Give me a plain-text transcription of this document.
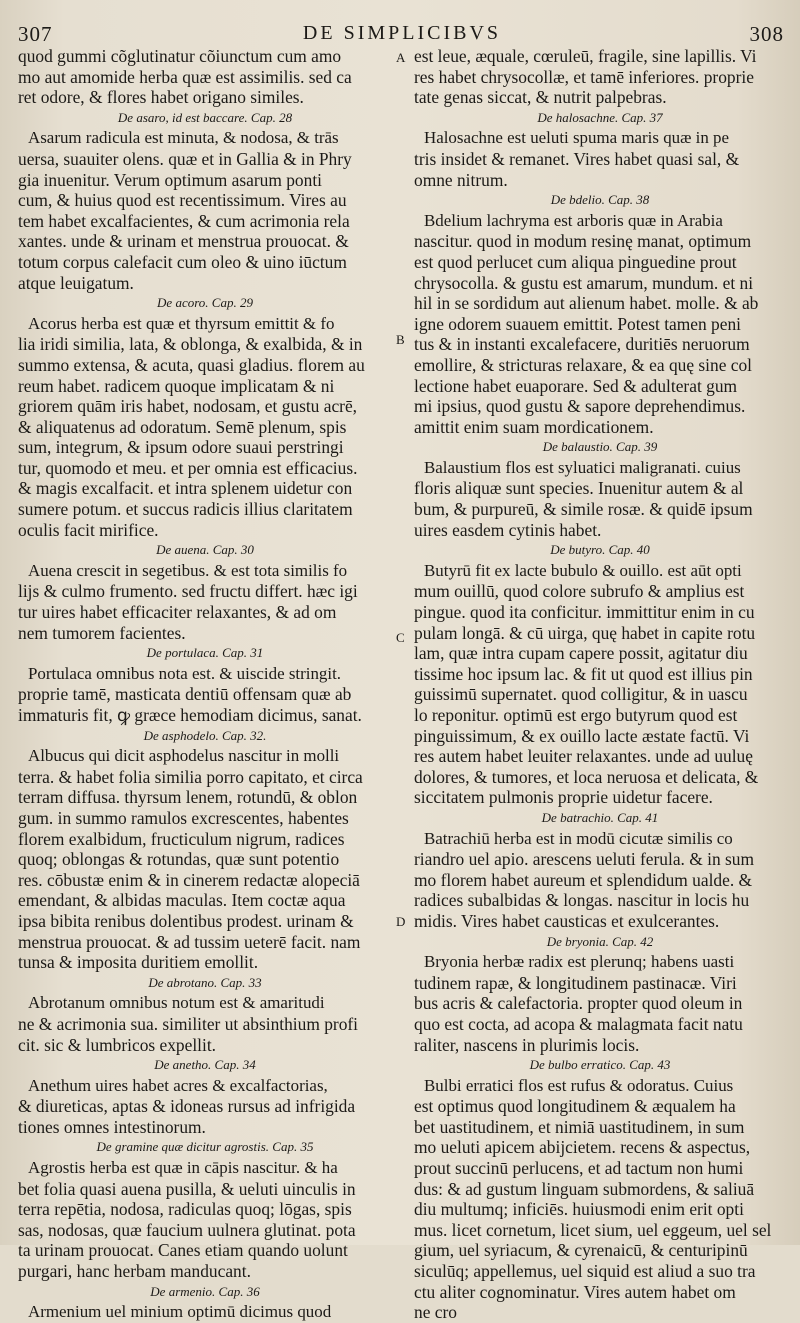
307	DE SIMPLICIBVS	308
A
B
C
D

quod gummi cõglutinatur cõiunctum cum amo

mo aut amomide herba quæ est assimilis. sed ca

ret odore, & flores habet origano similes.

De asaro, id est baccare. Cap. 28

Asarum radicula est minuta, & nodosa, & trās

uersa, suauiter olens. quæ et in Gallia & in Phry

gia inuenitur. Verum optimum asarum ponti

cum, & huius quod est recentissimum. Vires au

tem habet excalfacientes, & cum acrimonia rela

xantes. unde & urinam et menstrua prouocat. &

totum corpus calefacit cum oleo & uino iūctum

atque leuigatum.

De acoro. Cap. 29

Acorus herba est quæ et thyrsum emittit & fo

lia iridi similia, lata, & oblonga, & exalbida, & in

summo extensa, & acuta, quasi gladius. florem au

reum habet. radicem quoque implicatam & ni

griorem quām iris habet, nodosam, et gustu acrē,

& aliquatenus ad odoratum. Semē plenum, spis

sum, integrum, & ipsum odore suaui perstringi

tur, quomodo et meu. et per omnia est efficacius.

& magis excalfacit. et intra splenem uidetur con

sumere potum. et succus radicis illius claritatem

oculis facit mirifice.

De auena. Cap. 30

Auena crescit in segetibus. & est tota similis fo

lijs & culmo frumento. sed fructu differt. hæc igi

tur uires habet efficaciter relaxantes, & ad om

nem tumorem facientes.

De portulaca. Cap. 31

Portulaca omnibus nota est. & uiscide stringit.

proprie tamē, masticata dentiū offensam quæ ab

immaturis fit, ꝙ græce hemodiam dicimus, sanat.

De asphodelo. Cap. 32.

Albucus qui dicit asphodelus nascitur in molli

terra. & habet folia similia porro capitato, et circa

terram diffusa. thyrsum lenem, rotundū, & oblon

gum. in summo ramulos excrescentes, habentes

florem exalbidum, fructiculum nigrum, radices

quoq; oblongas & rotundas, quæ sunt potentio

res. cōbustæ enim & in cinerem redactæ alopeciā

emendant, & albidas maculas. Item coctæ aqua

ipsa bibita renibus dolentibus prodest. urinam &

menstrua prouocat. & ad tussim ueterē facit. nam

tunsa & imposita duritiem emollit.

De abrotano. Cap. 33

Abrotanum omnibus notum est & amaritudi

ne & acrimonia sua. similiter ut absinthium profi

cit. sic & lumbricos expellit.

De anetho. Cap. 34

Anethum uires habet acres & excalfactorias,

& diureticas, aptas & idoneas rursus ad infrigida

tiones omnes intestinorum.

De gramine quæ dicitur agrostis. Cap. 35

Agrostis herba est quæ in cāpis nascitur. & ha

bet folia quasi auena pusilla, & ueluti uinculis in

terra repētia, nodosa, radiculas quoq; lōgas, spis

sas, nodosas, quæ faucium uulnera glutinat. pota

ta urinam prouocat. Canes etiam quando uolunt

purgari, hanc herbam manducant.

De armenio. Cap. 36

Armenium uel minium optimū dicimus quod

est leue, æquale, cœruleū, fragile, sine lapillis. Vi

res habet chrysocollæ, et tamē inferiores. proprie

tate genas siccat, & nutrit palpebras.

De halosachne. Cap. 37

Halosachne est ueluti spuma maris quæ in pe

tris insidet & remanet. Vires habet quasi sal, &

omne nitrum.

De bdelio. Cap. 38

Bdelium lachryma est arboris quæ in Arabia

nascitur. quod in modum resinę manat, optimum

est quod perlucet cum aliqua pinguedine prout

chrysocolla. & gustu est amarum, mundum. et ni

hil in se sordidum aut alienum habet. molle. & ab

igne odorem suauem emittit. Potest tamen peni

tus & in instanti excalefacere, duritiēs neruorum

emollire, & stricturas relaxare, & ea quę sine col

lectione habet euaporare. Sed & adulterat gum

mi ipsius, quod gustu & sapore deprehendimus.

amittit enim suam mordicationem.

De balaustio. Cap. 39

Balaustium flos est syluatici maligranati. cuius

floris aliquæ sunt species. Inuenitur autem & al

bum, & purpureū, & simile rosæ. & quidē ipsum

uires easdem cytinis habet.

De butyro. Cap. 40

Butyrū fit ex lacte bubulo & ouillo. est aūt opti

mum ouillū, quod colore subrufo & amplius est

pingue. quod ita conficitur. immittitur enim in cu

pulam longā. & cū uirga, quę habet in capite rotu

lam, quæ intra cupam capere possit, agitatur diu

tissime hoc ipsum lac. & fit ut quod est illius pin

guissimū supernatet. quod colligitur, & in uascu

lo reponitur. optimū est ergo butyrum quod est

pinguissimum, & ex ouillo lacte æstate factū. Vi

res autem habet leuiter relaxantes. unde ad uuluę

dolores, & tumores, et loca neruosa et delicata, &

siccitatem pulmonis proprie uidetur facere.

De batrachio. Cap. 41

Batrachiū herba est in modū cicutæ similis co

riandro uel apio. arescens ueluti ferula. & in sum

mo florem habet aureum et splendidum ualde. &

radices subalbidas & longas. nascitur in locis hu

midis. Vires habet causticas et exulcerantes.

De bryonia. Cap. 42

Bryonia herbæ radix est plerunq; habens uasti

tudinem rapæ, & longitudinem pastinacæ. Viri

bus acris & calefactoria. propter quod oleum in

quo est cocta, ad acopa & malagmata facit natu

raliter, nascens in plurimis locis.

De bulbo erratico. Cap. 43

Bulbi erratici flos est rufus & odoratus. Cuius

est optimus quod longitudinem & æqualem ha

bet uastitudinem, et nimiā uastitudinem, in sum

mo ueluti apicem abijcietem. recens & aspectus,

prout succinū perlucens, et ad tactum non humi

dus: & ad gustum linguam submordens, & saliuā

diu multumq; inficiēs. huiusmodi enim erit opti

mus. licet cornetum, licet sium, uel eggeum, uel sel

gium, uel syriacum, & cyrenaicū, & centuripinū

siculūq; appellemus, uel siquid est aliud a suo tra

ctu aliter cognominatur. Vires autem habet om

ne cro
